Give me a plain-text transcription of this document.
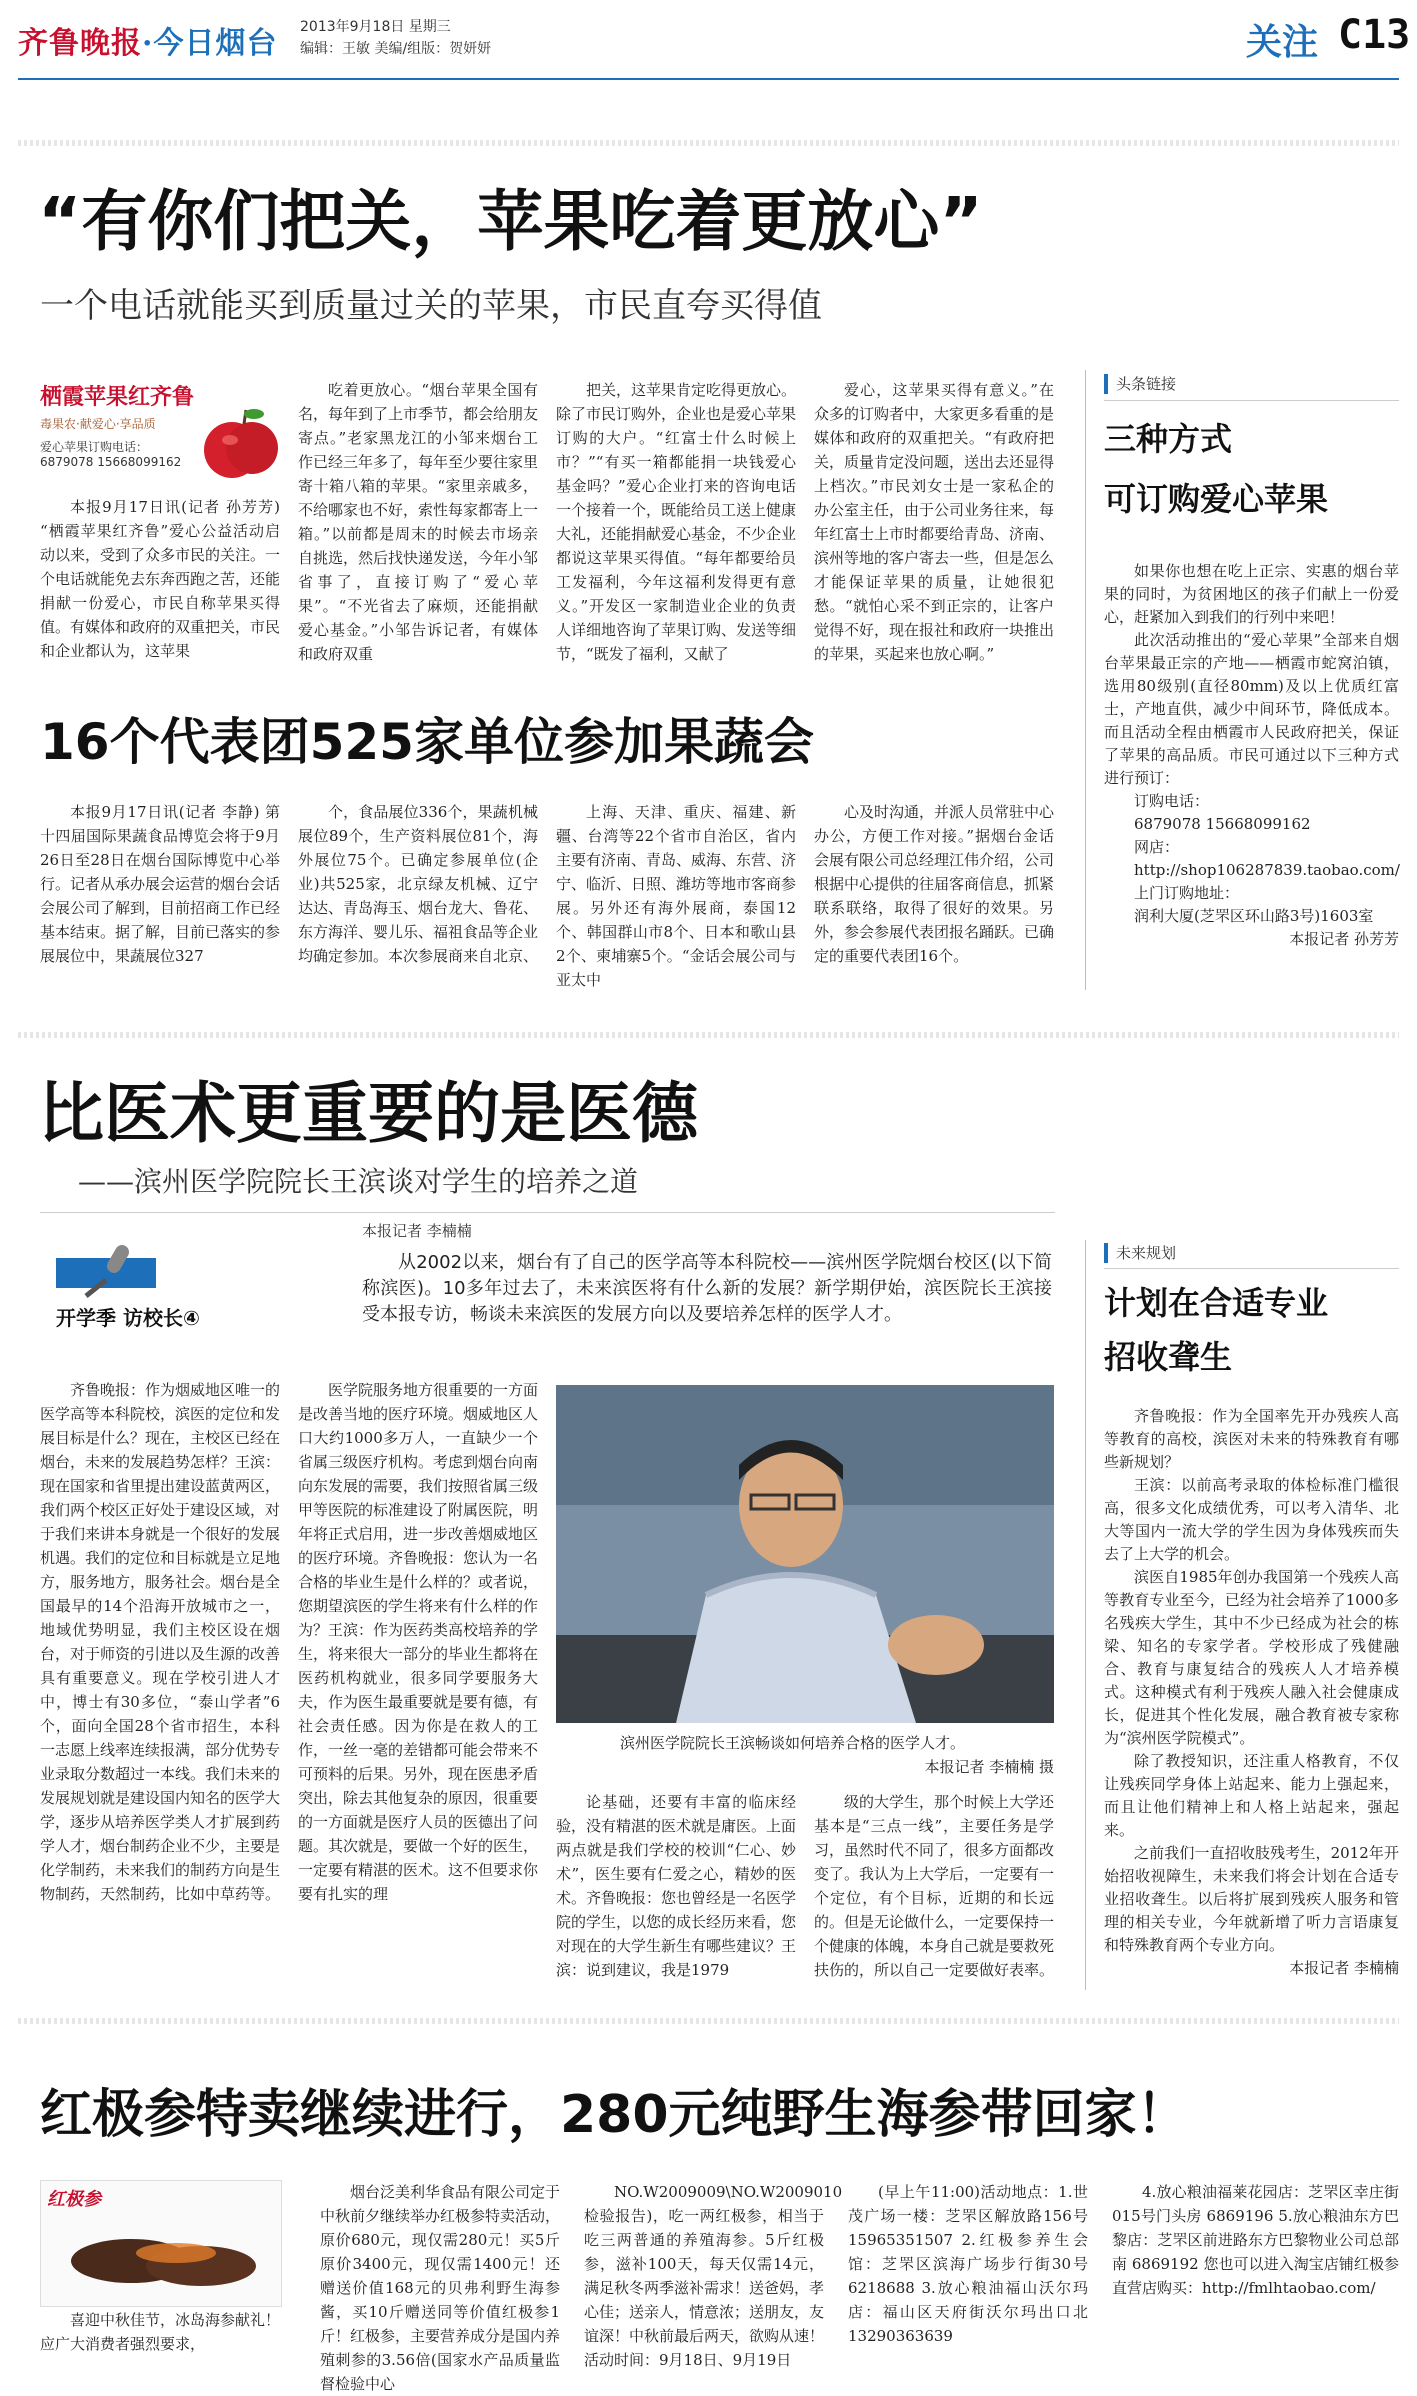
齐鲁晚报·今日烟台 2013年9月18日 星期三
编辑：王敏 美编/组版：贺妍妍	关注 C13
“有你们把关，苹果吃着更放心”
一个电话就能买到质量过关的苹果，市民直夸买得值
栖霞苹果红齐鲁
毒果农·献爱心·享品质
爱心苹果订购电话：
6879078 15668099162

本报9月17日讯(记者 孙芳芳) “栖霞苹果红齐鲁”爱心公益活动启动以来，受到了众多市民的关注。一个电话就能免去东奔西跑之苦，还能捐献一份爱心，市民自称苹果买得值。有媒体和政府的双重把关，市民和企业都认为，这苹果

吃着更放心。“烟台苹果全国有名，每年到了上市季节，都会给朋友寄点。”老家黑龙江的小邹来烟台工作已经三年多了，每年至少要往家里寄十箱八箱的苹果。“家里亲戚多，不给哪家也不好，索性每家都寄上一箱。”以前都是周末的时候去市场亲自挑选，然后找快递发送，今年小邹省事了，直接订购了“爱心苹果”。“不光省去了麻烦，还能捐献爱心基金。”小邹告诉记者，有媒体和政府双重

把关，这苹果肯定吃得更放心。除了市民订购外，企业也是爱心苹果订购的大户。“红富士什么时候上市？”“有买一箱都能捐一块钱爱心基金吗？”爱心企业打来的咨询电话一个接着一个，既能给员工送上健康大礼，还能捐献爱心基金，不少企业都说这苹果买得值。“每年都要给员工发福利，今年这福利发得更有意义。”开发区一家制造业企业的负责人详细地咨询了苹果订购、发送等细节，“既发了福利，又献了

爱心，这苹果买得有意义。”在众多的订购者中，大家更多看重的是媒体和政府的双重把关。“有政府把关，质量肯定没问题，送出去还显得上档次。”市民刘女士是一家私企的办公室主任，由于公司业务往来，每年红富士上市时都要给青岛、济南、滨州等地的客户寄去一些，但是怎么才能保证苹果的质量，让她很犯愁。“就怕心采不到正宗的，让客户觉得不好，现在报社和政府一块推出的苹果，买起来也放心啊。”

头条链接
三种方式
可订购爱心苹果

如果你也想在吃上正宗、实惠的烟台苹果的同时，为贫困地区的孩子们献上一份爱心，赶紧加入到我们的行列中来吧！

此次活动推出的“爱心苹果”全部来自烟台苹果最正宗的产地——栖霞市蛇窝泊镇，选用80级别(直径80mm)及以上优质红富士，产地直供，减少中间环节，降低成本。而且活动全程由栖霞市人民政府把关，保证了苹果的高品质。市民可通过以下三种方式进行预订：

订购电话：

6879078 15668099162

网店：

http://shop106287839.taobao.com/

上门订购地址：

润利大厦(芝罘区环山路3号)1603室

本报记者 孙芳芳

16个代表团525家单位参加果蔬会

本报9月17日讯(记者 李静) 第十四届国际果蔬食品博览会将于9月26日至28日在烟台国际博览中心举行。记者从承办展会运营的烟台会话会展公司了解到，目前招商工作已经基本结束。据了解，目前已落实的参展展位中，果蔬展位327

个，食品展位336个，果蔬机械展位89个，生产资料展位81个，海外展位75个。已确定参展单位(企业)共525家，北京绿友机械、辽宁达达、青岛海玉、烟台龙大、鲁花、东方海洋、婴儿乐、福祖食品等企业均确定参加。本次参展商来自北京、

上海、天津、重庆、福建、新疆、台湾等22个省市自治区，省内主要有济南、青岛、威海、东营、济宁、临沂、日照、潍坊等地市客商参展。另外还有海外展商，泰国12个、韩国群山市8个、日本和歌山县2个、柬埔寨5个。“金话会展公司与亚太中

心及时沟通，并派人员常驻中心办公，方便工作对接。”据烟台金话会展有限公司总经理江伟介绍，公司根据中心提供的往届客商信息，抓紧联系联络，取得了很好的效果。另外，参会参展代表团报名踊跃。已确定的重要代表团16个。

比医术更重要的是医德
——滨州医学院院长王滨谈对学生的培养之道
开学季 访校长④
本报记者 李楠楠

从2002以来，烟台有了自己的医学高等本科院校——滨州医学院烟台校区(以下简称滨医)。10多年过去了，未来滨医将有什么新的发展？新学期伊始，滨医院长王滨接受本报专访，畅谈未来滨医的发展方向以及要培养怎样的医学人才。

齐鲁晚报：作为烟威地区唯一的医学高等本科院校，滨医的定位和发展目标是什么？现在，主校区已经在烟台，未来的发展趋势怎样？王滨：现在国家和省里提出建设蓝黄两区，我们两个校区正好处于建设区域，对于我们来讲本身就是一个很好的发展机遇。我们的定位和目标就是立足地方，服务地方，服务社会。烟台是全国最早的14个沿海开放城市之一，地域优势明显，我们主校区设在烟台，对于师资的引进以及生源的改善具有重要意义。现在学校引进人才中，博士有30多位，“泰山学者”6个，面向全国28个省市招生，本科一志愿上线率连续报满，部分优势专业录取分数超过一本线。我们未来的发展规划就是建设国内知名的医学大学，逐步从培养医学类人才扩展到药学人才，烟台制药企业不少，主要是化学制药，未来我们的制药方向是生物制药，天然制药，比如中草药等。

医学院服务地方很重要的一方面是改善当地的医疗环境。烟威地区人口大约1000多万人，一直缺少一个省属三级医疗机构。考虑到烟台向南向东发展的需要，我们按照省属三级甲等医院的标准建设了附属医院，明年将正式启用，进一步改善烟威地区的医疗环境。齐鲁晚报：您认为一名合格的毕业生是什么样的？或者说，您期望滨医的学生将来有什么样的作为？王滨：作为医药类高校培养的学生，将来很大一部分的毕业生都将在医药机构就业，很多同学要服务大夫，作为医生最重要就是要有德，有社会责任感。因为你是在救人的工作，一丝一毫的差错都可能会带来不可预料的后果。另外，现在医患矛盾突出，除去其他复杂的原因，很重要的一方面就是医疗人员的医德出了问题。其次就是，要做一个好的医生，一定要有精湛的医术。这不但要求你要有扎实的理

滨州医学院院长王滨畅谈如何培养合格的医学人才。
本报记者 李楠楠 摄

论基础，还要有丰富的临床经验，没有精湛的医术就是庸医。上面两点就是我们学校的校训“仁心、妙术”，医生要有仁爱之心，精妙的医术。齐鲁晚报：您也曾经是一名医学院的学生，以您的成长经历来看，您对现在的大学生新生有哪些建议？王滨：说到建议，我是1979

级的大学生，那个时候上大学还基本是“三点一线”，主要任务是学习，虽然时代不同了，很多方面都改变了。我认为上大学后，一定要有一个定位，有个目标，近期的和长远的。但是无论做什么，一定要保持一个健康的体魄，本身自己就是要救死扶伤的，所以自己一定要做好表率。

未来规划
计划在合适专业
招收聋生

齐鲁晚报：作为全国率先开办残疾人高等教育的高校，滨医对未来的特殊教育有哪些新规划？

王滨：以前高考录取的体检标准门槛很高，很多文化成绩优秀，可以考入清华、北大等国内一流大学的学生因为身体残疾而失去了上大学的机会。

滨医自1985年创办我国第一个残疾人高等教育专业至今，已经为社会培养了1000多名残疾大学生，其中不少已经成为社会的栋梁、知名的专家学者。学校形成了残健融合、教育与康复结合的残疾人人才培养模式。这种模式有利于残疾人融入社会健康成长，促进其个性化发展，融合教育被专家称为“滨州医学院模式”。

除了教授知识，还注重人格教育，不仅让残疾同学身体上站起来、能力上强起来，而且让他们精神上和人格上站起来，强起来。

之前我们一直招收肢残考生，2012年开始招收视障生，未来我们将会计划在合适专业招收聋生。以后将扩展到残疾人服务和管理的相关专业，今年就新增了听力言语康复和特殊教育两个专业方向。

本报记者 李楠楠

红极参特卖继续进行，280元纯野生海参带回家！
红极参

喜迎中秋佳节，冰岛海参献礼！应广大消费者强烈要求，

烟台泛美利华食品有限公司定于中秋前夕继续举办红极参特卖活动，原价680元，现仅需280元！买5斤原价3400元，现仅需1400元！还赠送价值168元的贝弗利野生海参酱，买10斤赠送同等价值红极参1斤！红极参，主要营养成分是国内养殖刺参的3.56倍(国家水产品质量监督检验中心

NO.W2009009\NO.W2009010检验报告)，吃一两红极参，相当于吃三两普通的养殖海参。5斤红极参，滋补100天，每天仅需14元，满足秋冬两季滋补需求！送爸妈，孝心佳；送亲人，情意浓；送朋友，友谊深！中秋前最后两天，欲购从速！活动时间：9月18日、9月19日

(早上午11:00)活动地点：1.世茂广场一楼：芝罘区解放路156号 15965351507 2.红极参养生会馆：芝罘区滨海广场步行街30号 6218688 3.放心粮油福山沃尔玛店：福山区天府街沃尔玛出口北 13290363639

4.放心粮油福莱花园店：芝罘区幸庄街015号门头房 6869196 5.放心粮油东方巴黎店：芝罘区前进路东方巴黎物业公司总部南 6869192 您也可以进入淘宝店铺红极参直营店购买：http://fmlhtaobao.com/
